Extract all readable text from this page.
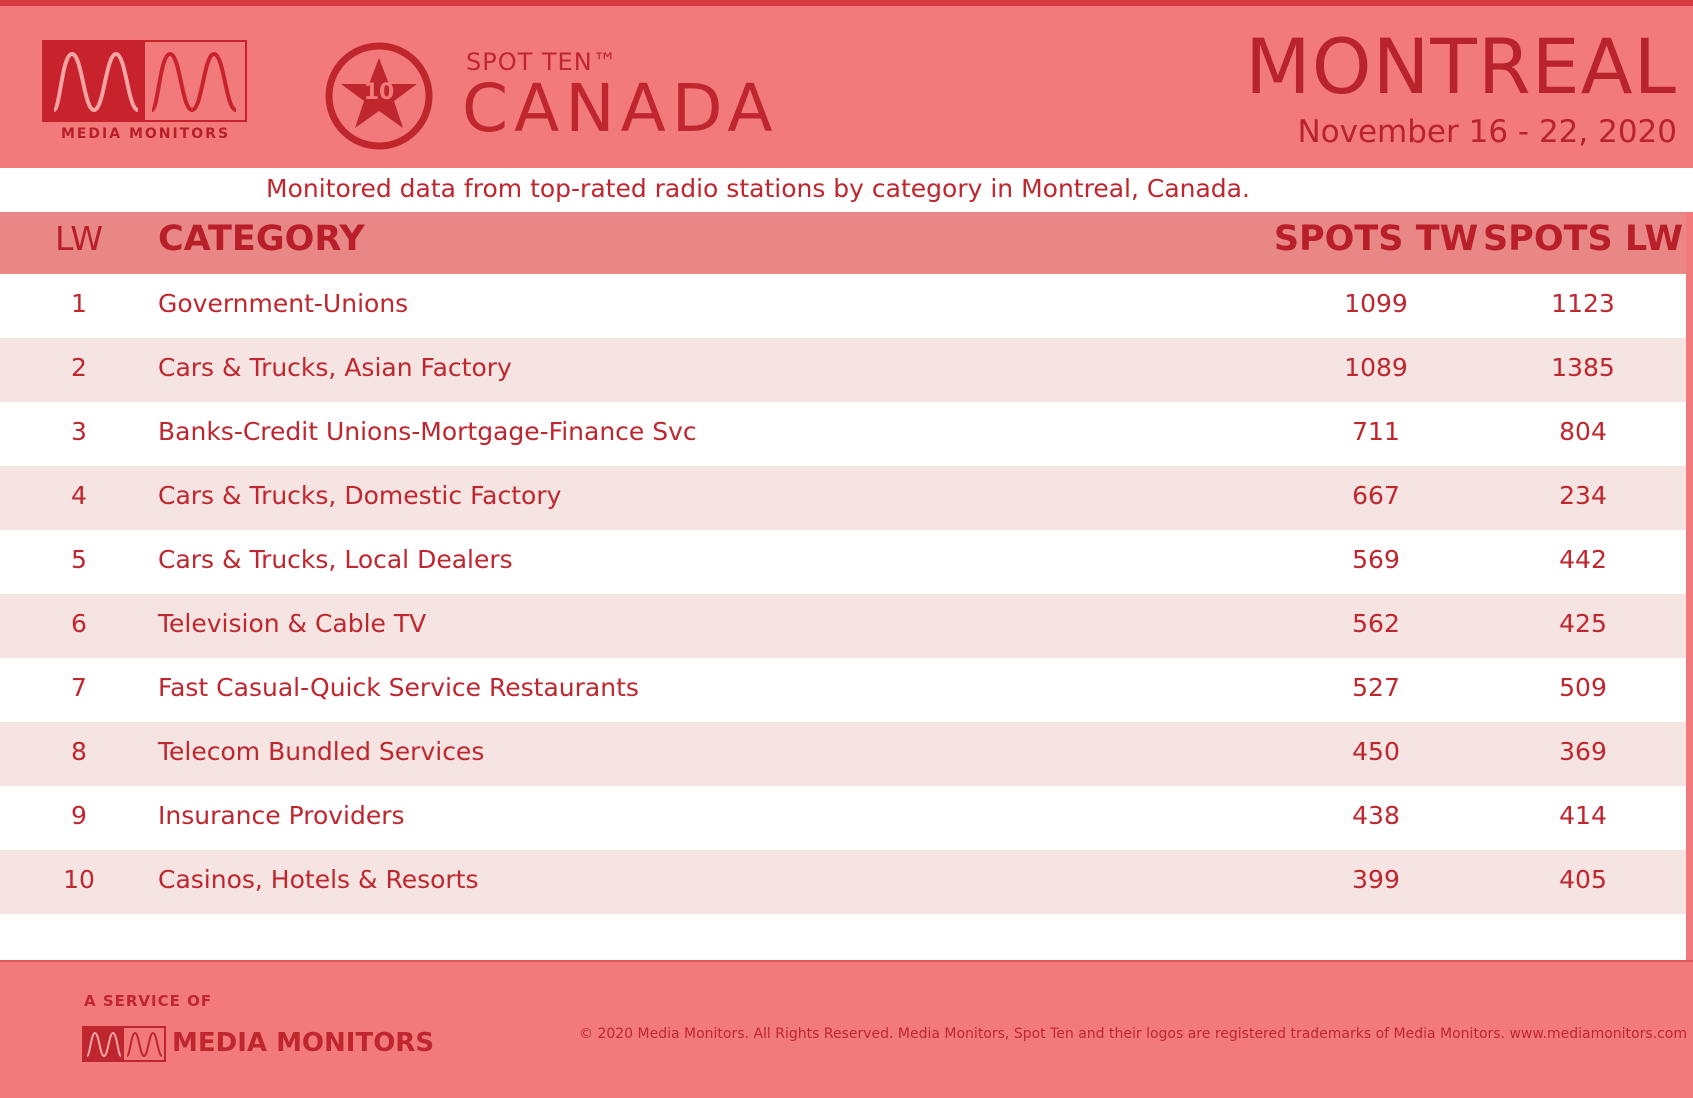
MEDIA MONITORS
10
SPOT TEN™
CANADA	MONTREAL
November 16 - 22, 2020
Monitored data from top-rated radio stations by category in Montreal, Canada.
LW	CATEGORY	SPOTS TW SPOTS LW
1	Government-Unions	1099	1123
2	Cars & Trucks, Asian Factory	1089	1385
3	Banks-Credit Unions-Mortgage-Finance Svc	711	804
4	Cars & Trucks, Domestic Factory	667	234
5	Cars & Trucks, Local Dealers	569	442
6	Television & Cable TV	562	425
7	Fast Casual-Quick Service Restaurants	527	509
8	Telecom Bundled Services	450	369
9	Insurance Providers	438	414
10	Casinos, Hotels & Resorts	399	405
A SERVICE OF
MEDIA MONITORS	© 2020 Media Monitors. All Rights Reserved. Media Monitors, Spot Ten and their logos are registered trademarks of Media Monitors. www.mediamonitors.com
